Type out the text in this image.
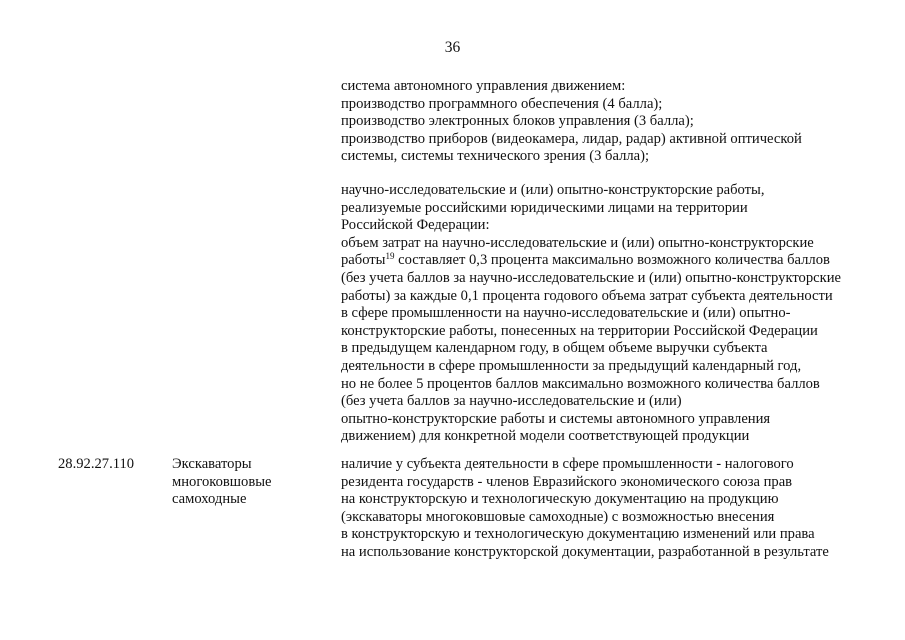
36
система автономного управления движением:
производство программного обеспечения (4 балла);
производство электронных блоков управления (3 балла);
производство приборов (видеокамера, лидар, радар) активной оптической
системы, системы технического зрения (3 балла);
научно-исследовательские и (или) опытно-конструкторские работы,
реализуемые российскими юридическими лицами на территории
Российской Федерации:
объем затрат на научно-исследовательские и (или) опытно-конструкторские
работы$^{19}$ составляет 0,3 процента максимально возможного количества баллов
(без учета баллов за научно-исследовательские и (или) опытно-конструкторские
работы) за каждые 0,1 процента годового объема затрат субъекта деятельности
в сфере промышленности на научно-исследовательские и (или) опытно-
конструкторские работы, понесенных на территории Российской Федерации
в предыдущем календарном году, в общем объеме выручки субъекта
деятельности в сфере промышленности за предыдущий календарный год,
но не более 5 процентов баллов максимально возможного количества баллов
(без учета баллов за научно-исследовательские и (или)
опытно-конструкторские работы и системы автономного управления
движением) для конкретной модели соответствующей продукции
28.92.27.110	Экскаваторы
многоковшовые
самоходные
наличие у субъекта деятельности в сфере промышленности - налогового
резидента государств - членов Евразийского экономического союза прав
на конструкторскую и технологическую документацию на продукцию
(экскаваторы многоковшовые самоходные) с возможностью внесения
в конструкторскую и технологическую документацию изменений или права
на использование конструкторской документации, разработанной в результате
